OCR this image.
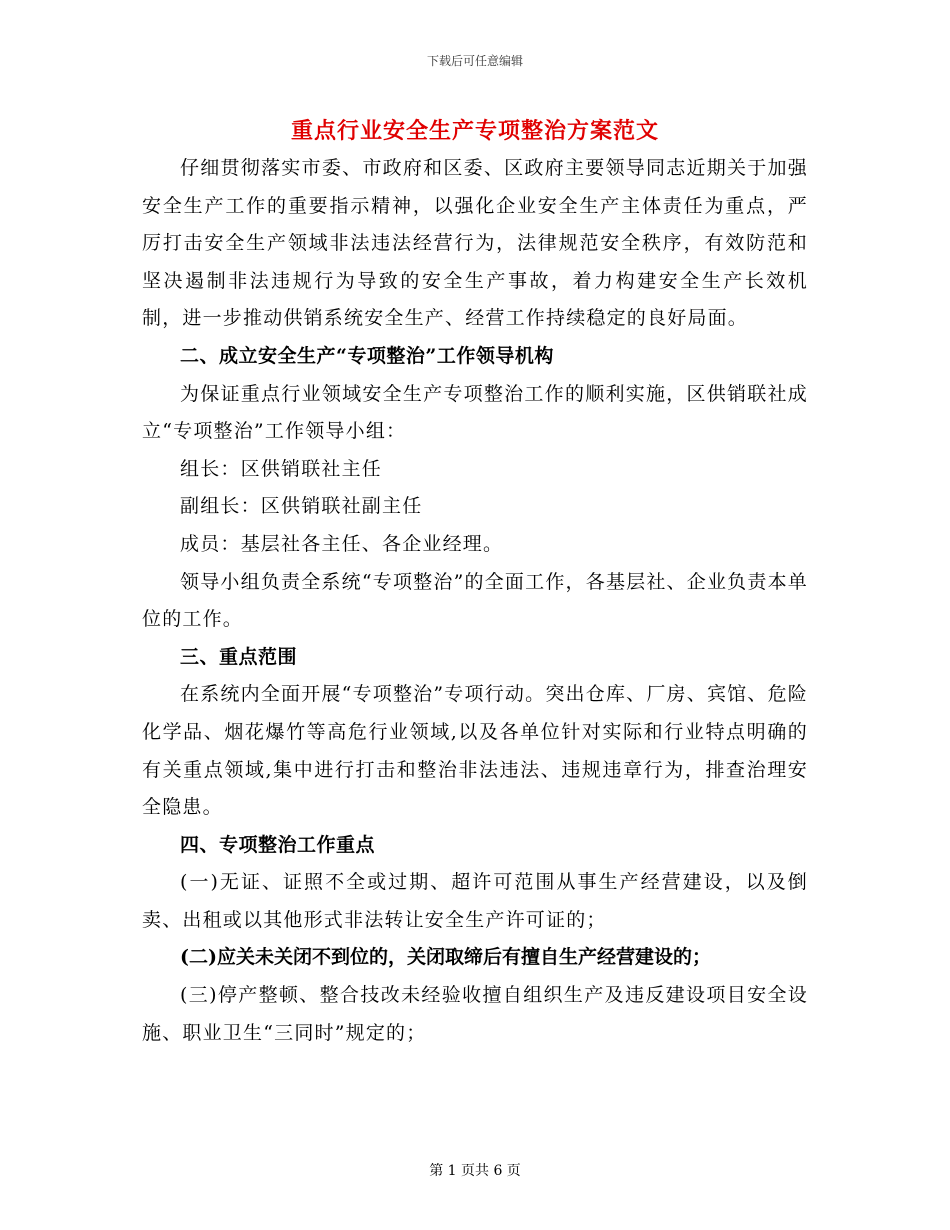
下载后可任意编辑
重点行业安全生产专项整治方案范文

仔细贯彻落实市委、市政府和区委、区政府主要领导同志近期关于加强安全生产工作的重要指示精神，以强化企业安全生产主体责任为重点，严厉打击安全生产领域非法违法经营行为，法律规范安全秩序，有效防范和坚决遏制非法违规行为导致的安全生产事故，着力构建安全生产长效机制，进一步推动供销系统安全生产、经营工作持续稳定的良好局面。

二、成立安全生产“专项整治”工作领导机构

为保证重点行业领域安全生产专项整治工作的顺利实施，区供销联社成立“专项整治”工作领导小组：

组长：区供销联社主任

副组长：区供销联社副主任

成员：基层社各主任、各企业经理。

领导小组负责全系统“专项整治”的全面工作，各基层社、企业负责本单位的工作。

三、重点范围

在系统内全面开展“专项整治”专项行动。突出仓库、厂房、宾馆、危险化学品、烟花爆竹等高危行业领域,以及各单位针对实际和行业特点明确的有关重点领域,集中进行打击和整治非法违法、违规违章行为，排查治理安全隐患。

四、专项整治工作重点

(一)无证、证照不全或过期、超许可范围从事生产经营建设，以及倒卖、出租或以其他形式非法转让安全生产许可证的；

(二)应关未关闭不到位的，关闭取缔后有擅自生产经营建设的；

(三)停产整顿、整合技改未经验收擅自组织生产及违反建设项目安全设施、职业卫生“三同时”规定的；

第 1 页共 6 页
